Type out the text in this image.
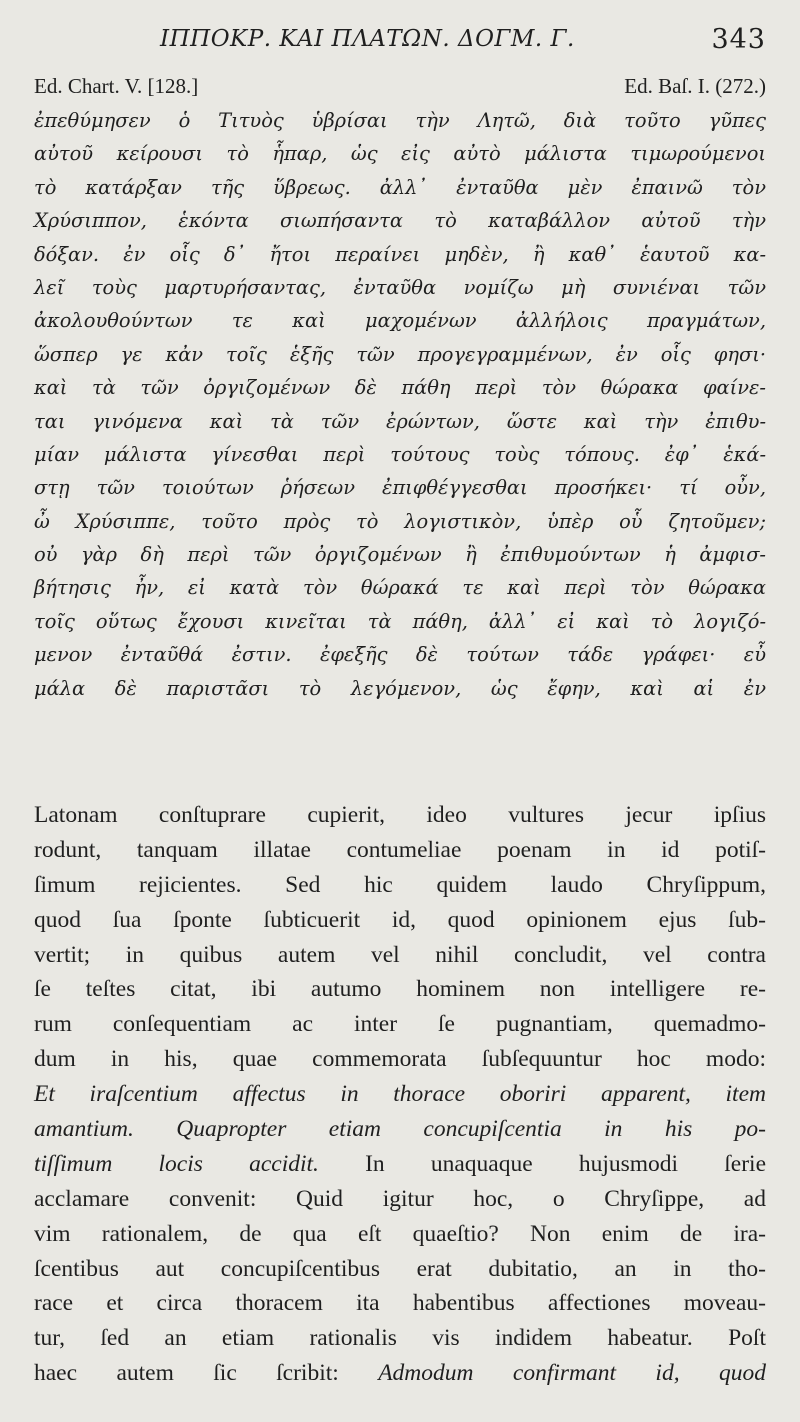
ΙΠΠΟΚΡ. ΚΑΙ ΠΛΑΤΩΝ. ΔΟΓΜ. Γ.	343
Ed. Chart. V. [128.]	Ed. Baſ. I. (272.)
ἐπεθύμησεν ὁ Τιτυὸς ὑβρίσαι τὴν Λητῶ, διὰ τοῦτο γῦπες
αὐτοῦ κείρουσι τὸ ἧπαρ, ὡς εἰς αὐτὸ μάλιστα τιμωρούμενοι
τὸ κατάρξαν τῆς ὕβρεως. ἀλλ᾽ ἐνταῦθα μὲν ἐπαινῶ τὸν
Χρύσιππον, ἑκόντα σιωπήσαντα τὸ καταβάλλον αὐτοῦ τὴν
δόξαν. ἐν οἷς δ᾽ ἤτοι περαίνει μηδὲν, ἢ καθ᾽ ἑαυτοῦ κα-
λεῖ τοὺς μαρτυρήσαντας, ἐνταῦθα νομίζω μὴ συνιέναι τῶν
ἀκολουθούντων τε καὶ μαχομένων ἀλλήλοις πραγμάτων,
ὥσπερ γε κἀν τοῖς ἑξῆς τῶν προγεγραμμένων, ἐν οἷς φησι·
καὶ τὰ τῶν ὀργιζομένων δὲ πάθη περὶ τὸν θώρακα φαίνε-
ται γινόμενα καὶ τὰ τῶν ἐρώντων, ὥστε καὶ τὴν ἐπιθυ-
μίαν μάλιστα γίνεσθαι περὶ τούτους τοὺς τόπους. ἐφ᾽ ἑκά-
στῃ τῶν τοιούτων ῥήσεων ἐπιφθέγγεσθαι προσήκει· τί οὖν,
ὦ Χρύσιππε, τοῦτο πρὸς τὸ λογιστικὸν, ὑπὲρ οὗ ζητοῦμεν;
οὐ γὰρ δὴ περὶ τῶν ὀργιζομένων ἢ ἐπιθυμούντων ἡ ἀμφισ-
βήτησις ἦν, εἰ κατὰ τὸν θώρακά τε καὶ περὶ τὸν θώρακα
τοῖς οὕτως ἔχουσι κινεῖται τὰ πάθη, ἀλλ᾽ εἰ καὶ τὸ λογιζό-
μενον ἐνταῦθά ἐστιν. ἐφεξῆς δὲ τούτων τάδε γράφει· εὖ
μάλα δὲ παριστᾶσι τὸ λεγόμενον, ὡς ἔφην, καὶ αἱ ἐν
Latonam conſtuprare cupierit, ideo vultures jecur ipſius
rodunt, tanquam illatae contumeliae poenam in id potiſ-
ſimum rejicientes. Sed hic quidem laudo Chryſippum,
quod ſua ſponte ſubticuerit id, quod opinionem ejus ſub-
vertit; in quibus autem vel nihil concludit, vel contra
ſe teſtes citat, ibi autumo hominem non intelligere re-
rum conſequentiam ac inter ſe pugnantiam, quemadmo-
dum in his, quae commemorata ſubſequuntur hoc modo:
Et iraſcentium affectus in thorace oboriri apparent, item
amantium. Quapropter etiam concupiſcentia in his po-
tiſſimum locis accidit. In unaquaque hujusmodi ſerie
acclamare convenit: Quid igitur hoc, o Chryſippe, ad
vim rationalem, de qua eſt quaeſtio? Non enim de ira-
ſcentibus aut concupiſcentibus erat dubitatio, an in tho-
race et circa thoracem ita habentibus affectiones moveau-
tur, ſed an etiam rationalis vis indidem habeatur. Poſt
haec autem ſic ſcribit: Admodum confirmant id, quod
